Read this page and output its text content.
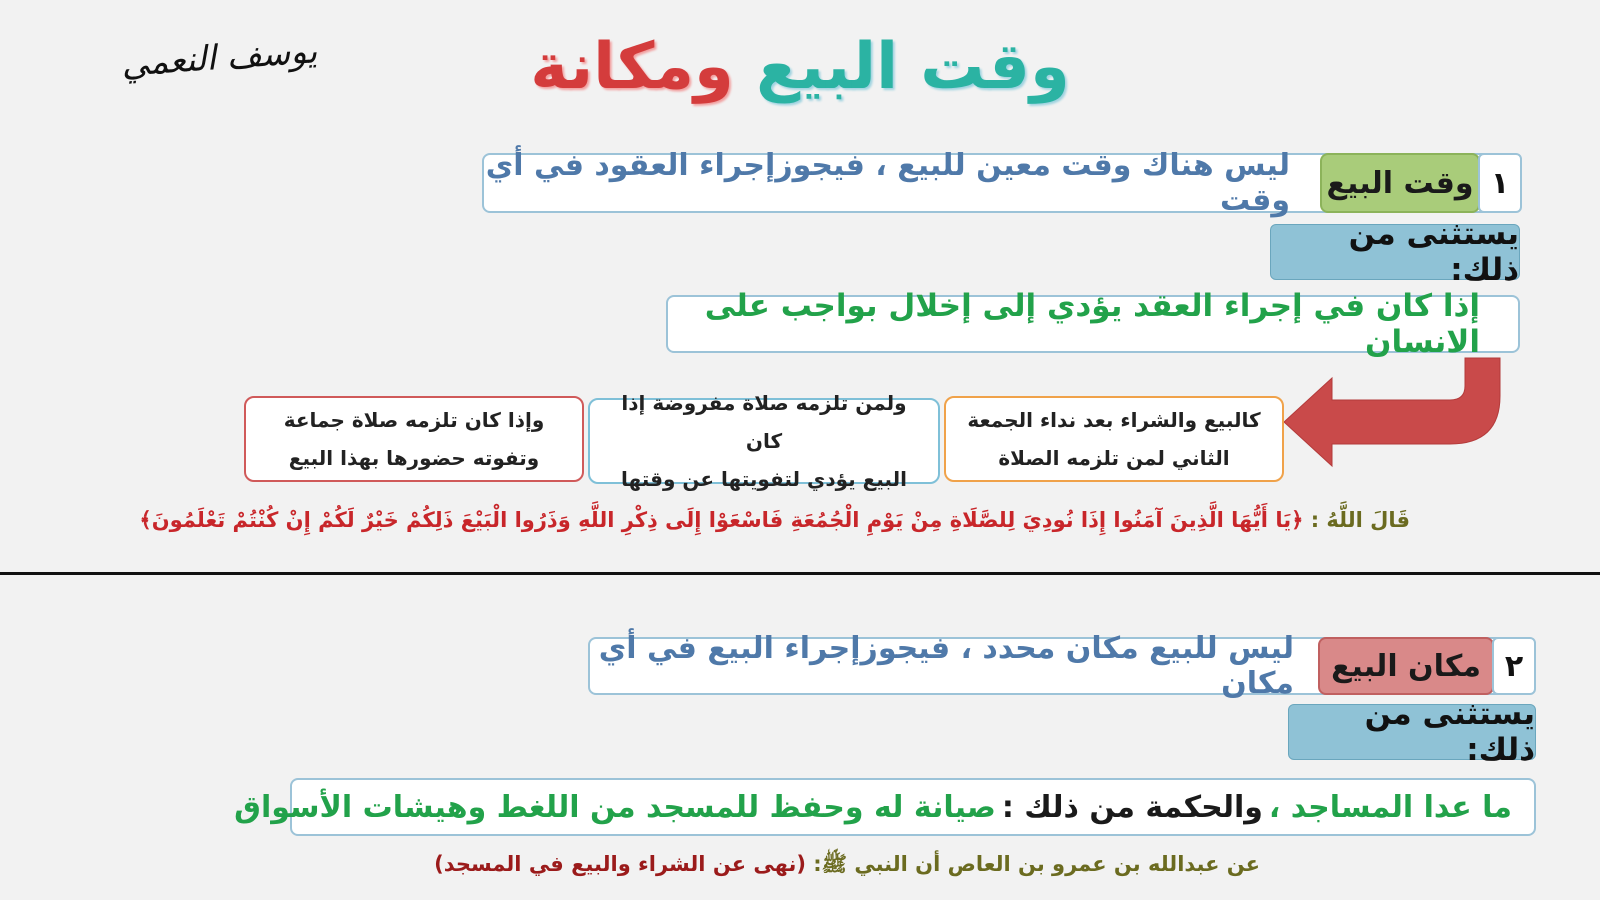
وقت البيع ومكانة
يوسف النعمي
ليس هناك وقت معين للبيع ، فيجوزإجراء العقود في أي وقت وقت البيع ١
يستثنى من ذلك:
إذا كان في إجراء العقد يؤدي إلى إخلال بواجب على الانسان
كالبيع والشراء بعد نداء الجمعة
الثاني لمن تلزمه الصلاة
ولمن تلزمه صلاة مفروضة إذا كان
البيع يؤدي لتفويتها عن وقتها
وإذا كان تلزمه صلاة جماعة
وتفوته حضورها بهذا البيع
قَالَ اللَّهُ : ﴿يَا أَيُّهَا الَّذِينَ آمَنُوا إِذَا نُودِيَ لِلصَّلَاةِ مِنْ يَوْمِ الْجُمُعَةِ فَاسْعَوْا إِلَى ذِكْرِ اللَّهِ وَذَرُوا الْبَيْعَ ذَلِكُمْ خَيْرٌ لَكُمْ إِنْ كُنْتُمْ تَعْلَمُونَ﴾
ليس للبيع مكان محدد ، فيجوزإجراء البيع في أي مكان مكان البيع ٢
يستثنى من ذلك:
ما عدا المساجد ،
والحكمة من ذلك :
صيانة له وحفظ للمسجد من اللغط وهيشات الأسواق
عن عبدالله بن عمرو بن العاص أن النبي ﷺ: (نهى عن الشراء والبيع في المسجد)
